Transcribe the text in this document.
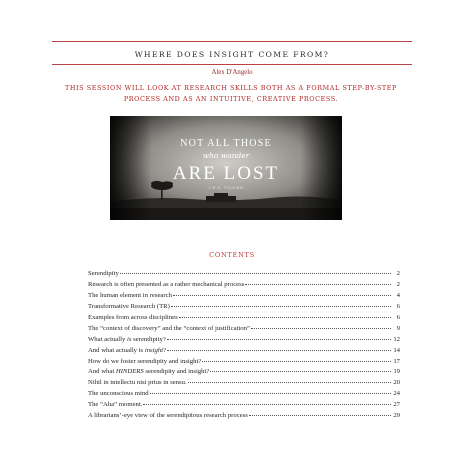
WHERE DOES INSIGHT COME FROM?
Alex D'Angelo
THIS SESSION WILL LOOK AT RESEARCH SKILLS BOTH AS A FORMAL STEP-BY-STEP PROCESS AND AS AN INTUITIVE, CREATIVE PROCESS.
NOT ALL THOSE
who wander
ARE LOST
- J.R.R. TOLKIEN -
CONTENTS
Serendipity	2
Research is often presented as a rather mechanical process	2
The human element in research	4
Transformative Research (TR)	6
Examples from across disciplines	6
The “context of discovery” and the “context of justification”	9
What actually is serendipity?	12
And what actually is insight?	14
How do we foster serendipity and insight?	17
And what HINDERS serendipity and insight?	19
Nihil in intellectu nisi prius in sensu.	20
The unconscious mind	24
The “Aha” moment.	27
A librarians’-eye view of the serendipitous research process	29
